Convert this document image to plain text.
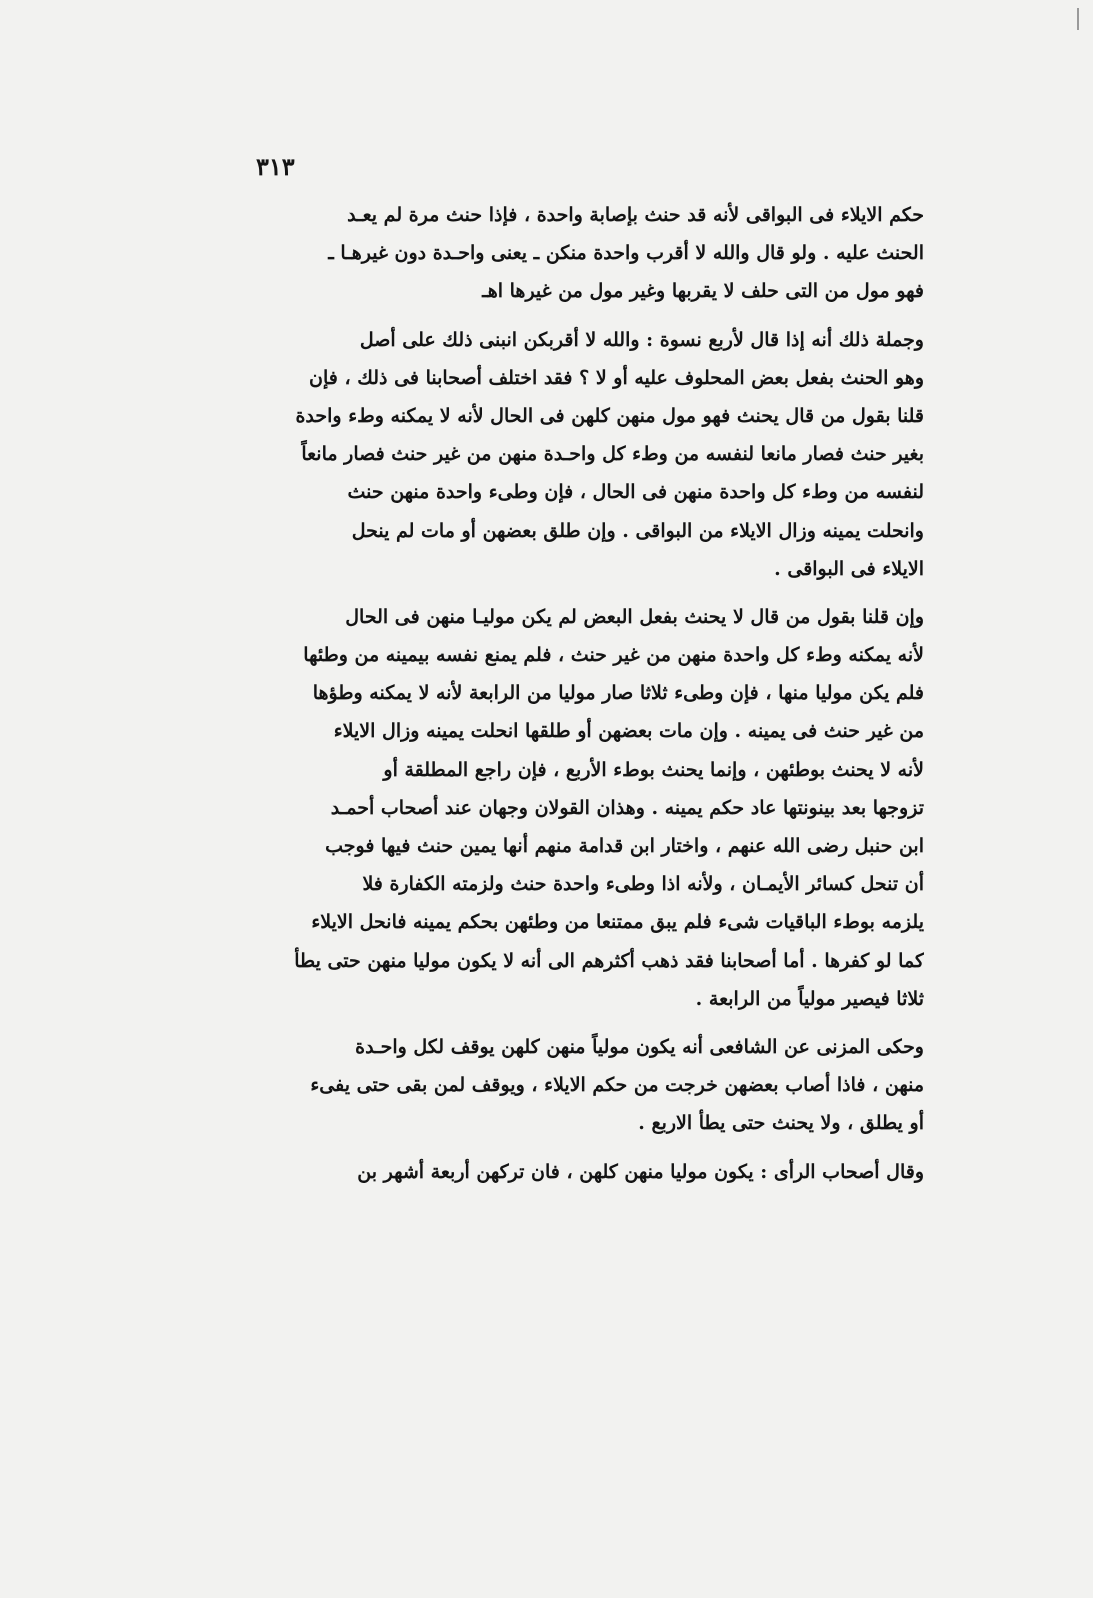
٣١٣

حكم الايلاء فى البواقى لأنه قد حنث بإصابة واحدة ، فإذا حنث مرة لم يعـد
الحنث عليه . ولو قال والله لا أقرب واحدة منكن ـ يعنى واحـدة دون غيرهـا ـ
فهو مول من التى حلف لا يقربها وغير مول من غيرها اهـ

وجملة ذلك أنه إذا قال لأربع نسوة : والله لا أقربكن انبنى ذلك على أصل
وهو الحنث بفعل بعض المحلوف عليه أو لا ؟ فقد اختلف أصحابنا فى ذلك ، فإن
قلنا بقول من قال يحنث فهو مول منهن كلهن فى الحال لأنه لا يمكنه وطء واحدة
بغير حنث فصار مانعا لنفسه من وطء كل واحـدة منهن من غير حنث فصار مانعاً
لنفسه من وطء كل واحدة منهن فى الحال ، فإن وطىء واحدة منهن حنث
وانحلت يمينه وزال الايلاء من البواقى . وإن طلق بعضهن أو مات لم ينحل
الايلاء فى البواقى .

وإن قلنا بقول من قال لا يحنث بفعل البعض لم يكن موليـا منهن فى الحال
لأنه يمكنه وطء كل واحدة منهن من غير حنث ، فلم يمنع نفسه بيمينه من وطئها
فلم يكن موليا منها ، فإن وطىء ثلاثا صار موليا من الرابعة لأنه لا يمكنه وطؤها
من غير حنث فى يمينه . وإن مات بعضهن أو طلقها انحلت يمينه وزال الايلاء
لأنه لا يحنث بوطئهن ، وإنما يحنث بوطء الأربع ، فإن راجع المطلقة أو
تزوجها بعد بينونتها عاد حكم يمينه . وهذان القولان وجهان عند أصحاب أحمـد
ابن حنبل رضى الله عنهم ، واختار ابن قدامة منهم أنها يمين حنث فيها فوجب
أن تنحل كسائر الأيمـان ، ولأنه اذا وطىء واحدة حنث ولزمته الكفارة فلا
يلزمه بوطء الباقيات شىء فلم يبق ممتنعا من وطئهن بحكم يمينه فانحل الايلاء
كما لو كفرها . أما أصحابنا فقد ذهب أكثرهم الى أنه لا يكون موليا منهن حتى يطأ
ثلاثا فيصير مولياً من الرابعة .

وحكى المزنى عن الشافعى أنه يكون مولياً منهن كلهن يوقف لكل واحـدة
منهن ، فاذا أصاب بعضهن خرجت من حكم الايلاء ، ويوقف لمن بقى حتى يفىء
أو يطلق ، ولا يحنث حتى يطأ الاربع .

وقال أصحاب الرأى : يكون موليا منهن كلهن ، فان تركهن أربعة أشهر بن
